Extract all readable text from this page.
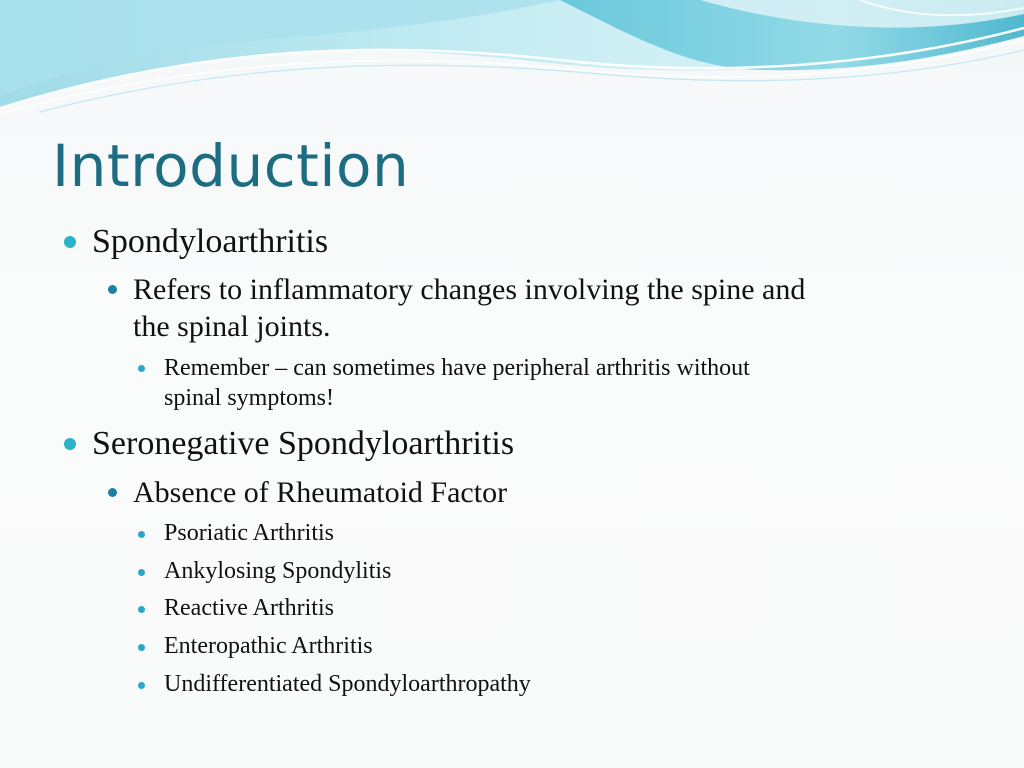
Introduction
Spondyloarthritis
Refers to inflammatory changes involving the spine and
the spinal joints.
Remember – can sometimes have peripheral arthritis without
spinal symptoms!
Seronegative Spondyloarthritis
Absence of Rheumatoid Factor
Psoriatic Arthritis
Ankylosing Spondylitis
Reactive Arthritis
Enteropathic Arthritis
Undifferentiated Spondyloarthropathy
